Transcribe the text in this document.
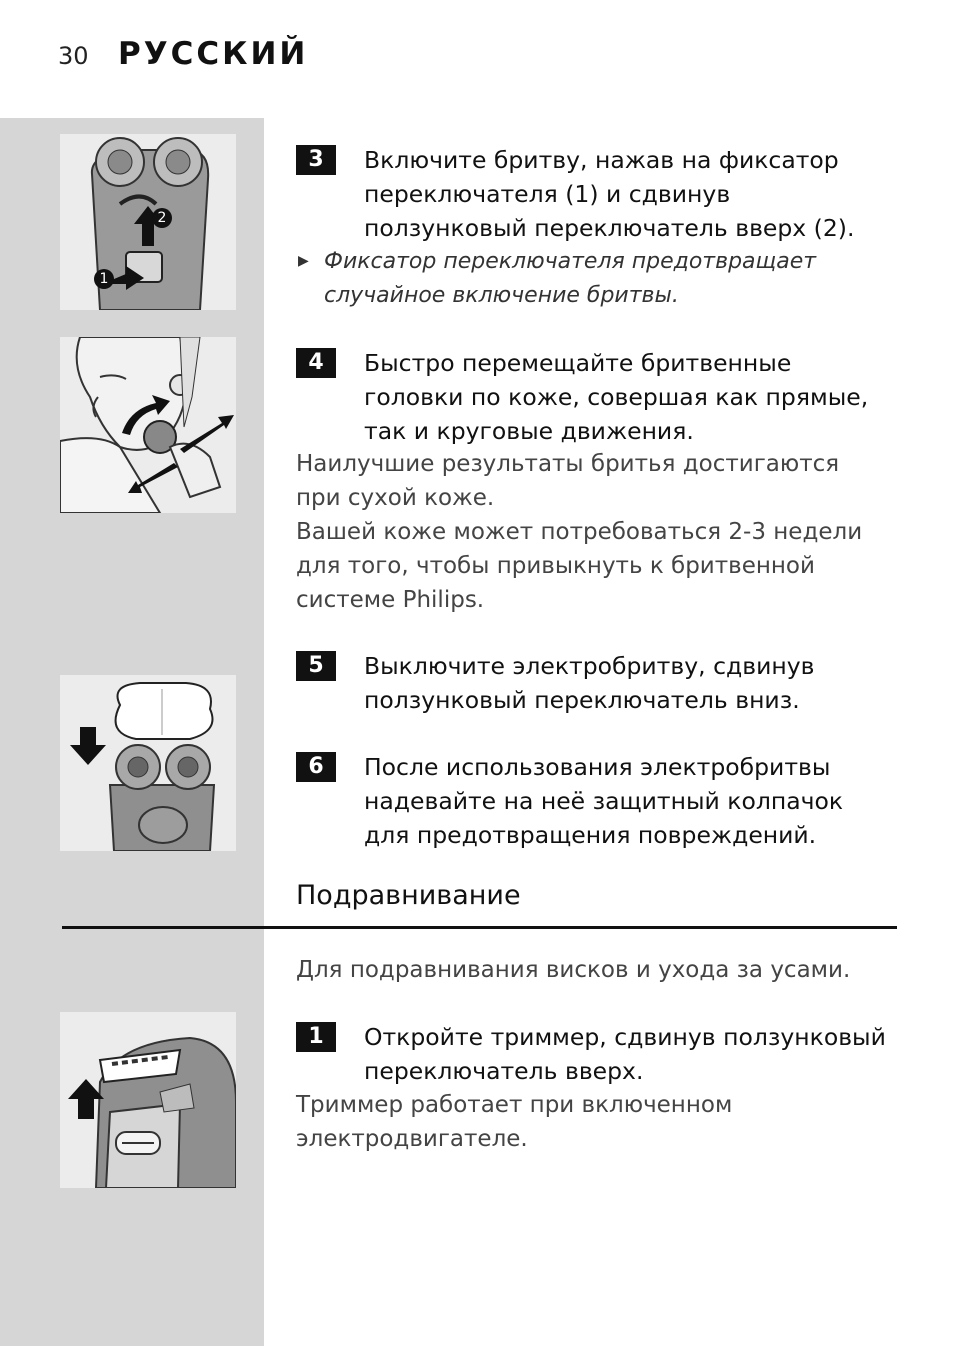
30 РУССКИЙ
1
2
3	Включите бритву, нажав на фиксатор переключателя (1) и сдвинув ползунковый переключатель вверх (2).
▶ Фиксатор переключателя предотвращает
случайное включение бритвы.
4	Быстро перемещайте бритвенные головки по коже, совершая как прямые, так и круговые движения.
Наилучшие результаты бритья достигаются при сухой коже.
Вашей коже может потребоваться 2-3 недели для того, чтобы привыкнуть к бритвенной системе Philips.
5	Выключите электробритву, сдвинув ползунковый переключатель вниз.
6	После использования электробритвы надевайте на неё защитный колпачок для предотвращения повреждений.
Подравнивание
Для подравнивания висков и ухода за усами.
1	Откройте триммер, сдвинув ползунковый переключатель вверх.
Триммер работает при включенном электродвигателе.
